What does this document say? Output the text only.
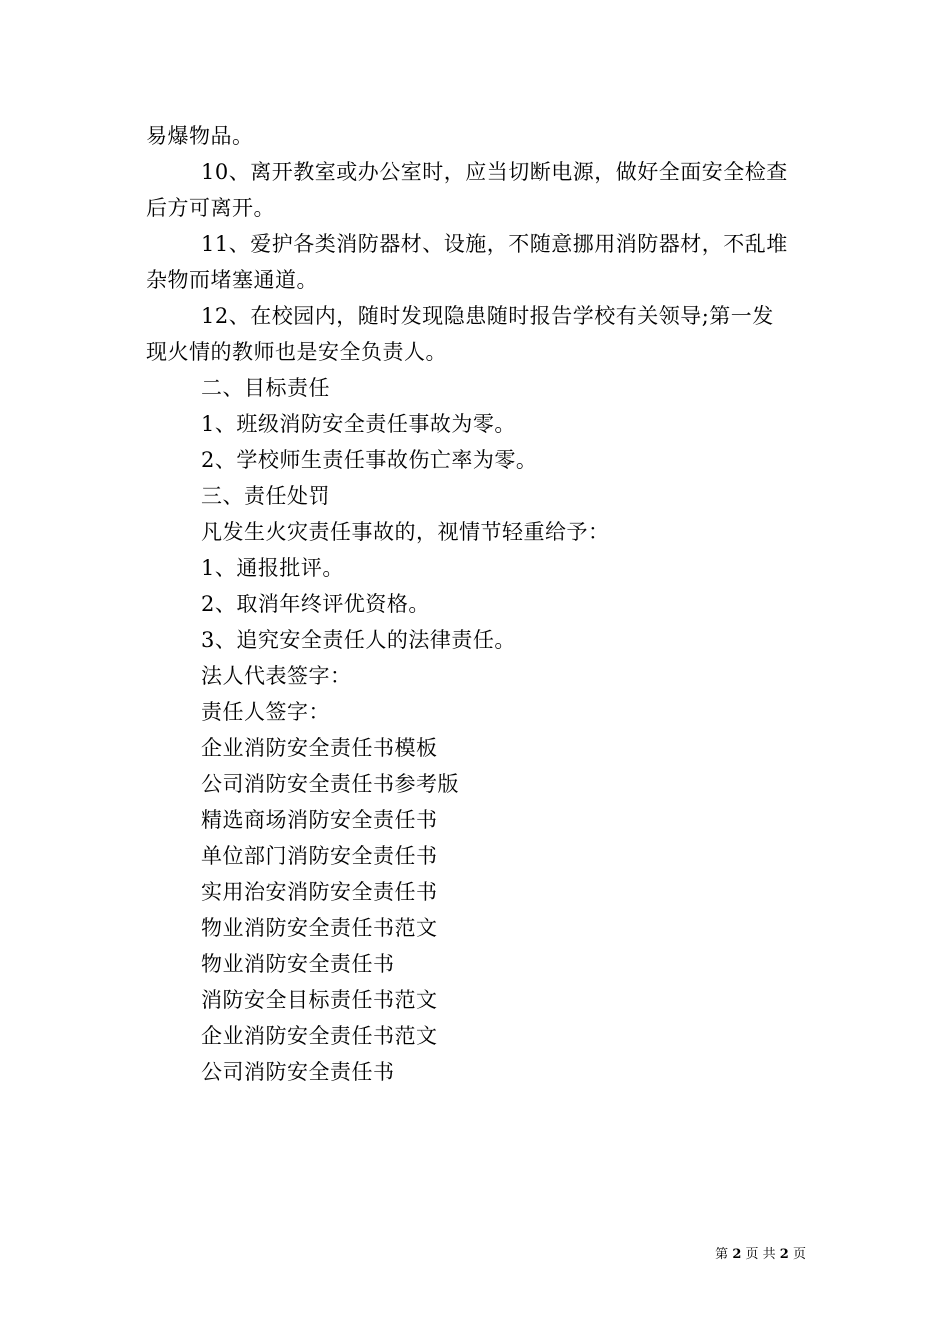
易爆物品。
10、离开教室或办公室时，应当切断电源，做好全面安全检查
后方可离开。
11、爱护各类消防器材、设施，不随意挪用消防器材，不乱堆
杂物而堵塞通道。
12、在校园内，随时发现隐患随时报告学校有关领导;第一发
现火情的教师也是安全负责人。
二、目标责任
1、班级消防安全责任事故为零。
2、学校师生责任事故伤亡率为零。
三、责任处罚
凡发生火灾责任事故的，视情节轻重给予：
1、通报批评。
2、取消年终评优资格。
3、追究安全责任人的法律责任。
法人代表签字：
责任人签字：
企业消防安全责任书模板
公司消防安全责任书参考版
精选商场消防安全责任书
单位部门消防安全责任书
实用治安消防安全责任书
物业消防安全责任书范文
物业消防安全责任书
消防安全目标责任书范文
企业消防安全责任书范文
公司消防安全责任书
第 2 页 共 2 页
